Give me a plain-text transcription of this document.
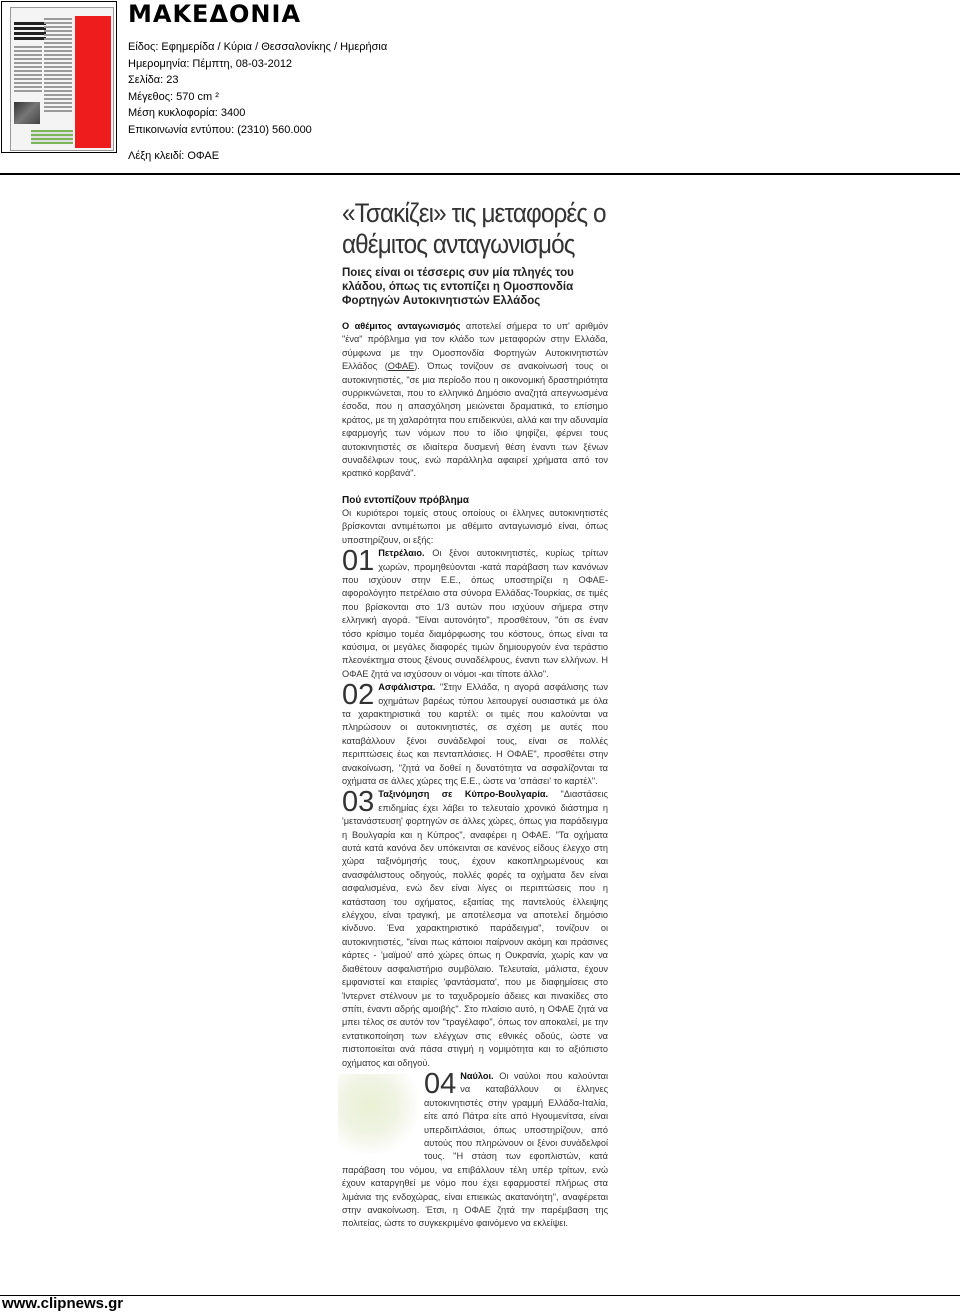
ΜΑΚΕΔΟΝΙΑ
Είδος: Εφημερίδα / Κύρια / Θεσσαλονίκης / Ημερήσια
Ημερομηνία: Πέμπτη, 08-03-2012
Σελίδα: 23
Μέγεθος: 570 cm ²
Μέση κυκλοφορία: 3400
Επικοινωνία εντύπου: (2310) 560.000
Λέξη κλειδί: ΟΦΑΕ
«Τσακίζει» τις μεταφορές ο αθέμιτος ανταγωνισμός
Ποιες είναι οι τέσσερις συν μία πληγές του κλάδου, όπως τις εντοπίζει η Ομοσπονδία Φορτηγών Αυτοκινητιστών Ελλάδος

Ο αθέμιτος ανταγωνισμός αποτελεί σήμερα το υπ' αριθμόν "ένα" πρόβλημα για τον κλάδο των μεταφορών στην Ελλάδα, σύμφωνα με την Ομοσπονδία Φορτηγών Αυτοκινητιστών Ελλάδος (ΟΦΑΕ). Όπως τονίζουν σε ανακοίνωσή τους οι αυτοκινητιστές, "σε μια περίοδο που η οικονομική δραστηριότητα συρρικνώνεται, που το ελληνικό Δημόσιο αναζητά απεγνωσμένα έσοδα, που η απασχόληση μειώνεται δραματικά, το επίσημο κράτος, με τη χαλαρότητα που επιδεικνύει, αλλά και την αδυναμία εφαρμογής των νόμων που το ίδιο ψηφίζει, φέρνει τους αυτοκινητιστές σε ιδιαίτερα δυσμενή θέση έναντι των ξένων συναδέλφων τους, ενώ παράλληλα αφαιρεί χρήματα από τον κρατικό κορβανά".

Πού εντοπίζουν πρόβλημα

Οι κυριότεροι τομείς στους οποίους οι έλληνες αυτοκινητιστές βρίσκονται αντιμέτωποι με αθέμιτο ανταγωνισμό είναι, όπως υποστηρίζουν, οι εξής:

01 Πετρέλαιο. Οι ξένοι αυτοκινητιστές, κυρίως τρίτων χωρών, προμηθεύονται -κατά παράβαση των κανόνων που ισχύουν στην Ε.Ε., όπως υποστηρίζει η ΟΦΑΕ- αφορολόγητο πετρέλαιο στα σύνορα Ελλάδας-Τουρκίας, σε τιμές που βρίσκονται στο 1/3 αυτών που ισχύουν σήμερα στην ελληνική αγορά. "Είναι αυτονόητο", προσθέτουν, "ότι σε έναν τόσο κρίσιμο τομέα διαμόρφωσης του κόστους, όπως είναι τα καύσιμα, οι μεγάλες διαφορές τιμών δημιουργούν ένα τεράστιο πλεονέκτημα στους ξένους συναδέλφους, έναντι των ελλήνων. Η ΟΦΑΕ ζητά να ισχύσουν οι νόμοι -και τίποτε άλλο".

02 Ασφάλιστρα. "Στην Ελλάδα, η αγορά ασφάλισης των οχημάτων βαρέως τύπου λειτουργεί ουσιαστικά με όλα τα χαρακτηριστικά του καρτέλ: οι τιμές που καλούνται να πληρώσουν οι αυτοκινητιστές, σε σχέση με αυτές που καταβάλλουν ξένοι συνάδελφοί τους, είναι σε πολλές περιπτώσεις έως και πενταπλάσιες. Η ΟΦΑΕ", προσθέτει στην ανακοίνωση, "ζητά να δοθεί η δυνατότητα να ασφαλίζονται τα οχήματα σε άλλες χώρες της Ε.Ε., ώστε να 'σπάσει' το καρτέλ".

03 Ταξινόμηση σε Κύπρο-Βουλγαρία. "Διαστάσεις επιδημίας έχει λάβει το τελευταίο χρονικό διάστημα η 'μετανάστευση' φορτηγών σε άλλες χώρες, όπως για παράδειγμα η Βουλγαρία και η Κύπρος", αναφέρει η ΟΦΑΕ. "Τα οχήματα αυτά κατά κανόνα δεν υπόκεινται σε κανένος είδους έλεγχο στη χώρα ταξινόμησής τους, έχουν κακοπληρωμένους και ανασφάλιστους οδηγούς, πολλές φορές τα οχήματα δεν είναι ασφαλισμένα, ενώ δεν είναι λίγες οι περιπτώσεις που η κατάσταση του οχήματος, εξαιτίας της παντελούς έλλειψης ελέγχου, είναι τραγική, με αποτέλεσμα να αποτελεί δημόσιο κίνδυνο. Ένα χαρακτηριστικό παράδειγμα", τονίζουν οι αυτοκινητιστές, "είναι πως κάποιοι παίρνουν ακόμη και πράσινες κάρτες - 'μαϊμού' από χώρες όπως η Ουκρανία, χωρίς καν να διαθέτουν ασφαλιστήριο συμβόλαιο. Τελευταία, μάλιστα, έχουν εμφανιστεί και εταιρίες 'φαντάσματα', που με διαφημίσεις στο Ίντερνετ στέλνουν με το ταχυδρομείο άδειες και πινακίδες στο σπίτι, έναντι αδρής αμοιβής". Στο πλαίσιο αυτό, η ΟΦΑΕ ζητά να μπει τέλος σε αυτόν τον "τραγέλαφο", όπως τον αποκαλεί, με την εντατικοποίηση των ελέγχων στις εθνικές οδούς, ώστε να πιστοποιείται ανά πάσα στιγμή η νομιμότητα και το αξιόπιστο οχήματος και οδηγού.

04 Ναύλοι. Οι ναύλοι που καλούνται να καταβάλλουν οι έλληνες αυτοκινητιστές στην γραμμή Ελλάδα-Ιταλία, είτε από Πάτρα είτε από Ηγουμενίτσα, είναι υπερδιπλάσιοι, όπως υποστηρίζουν, από αυτούς που πληρώνουν οι ξένοι συνάδελφοί τους. "Η στάση των εφοπλιστών, κατά παράβαση του νόμου, να επιβάλλουν τέλη υπέρ τρίτων, ενώ έχουν καταργηθεί με νόμο που έχει εφαρμοστεί πλήρως στα λιμάνια της ενδοχώρας, είναι επιεικώς ακατανόητη", αναφέρεται στην ανακοίνωση. Έτσι, η ΟΦΑΕ ζητά την παρέμβαση της πολιτείας, ώστε το συγκεκριμένο φαινόμενο να εκλείψει.

www.clipnews.gr
